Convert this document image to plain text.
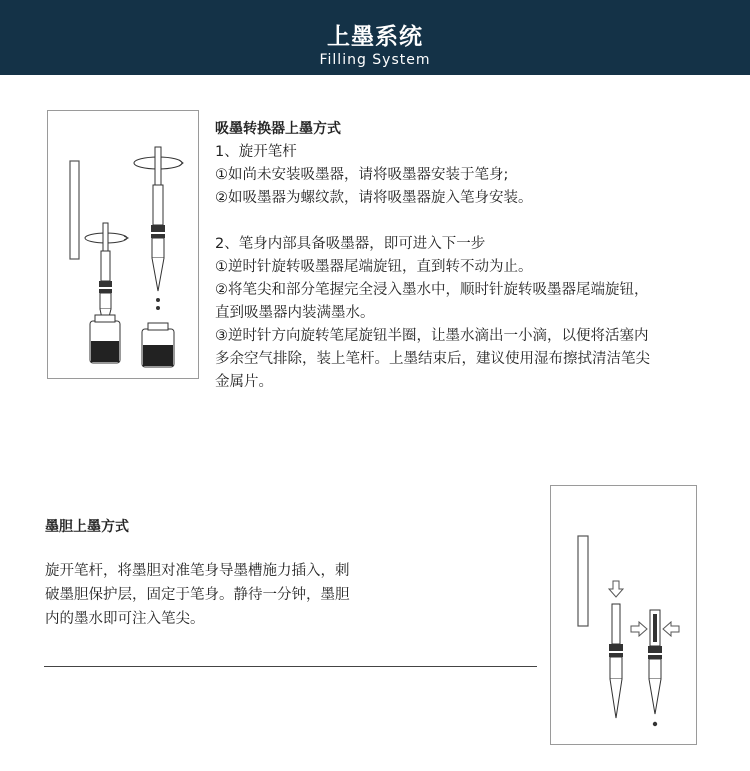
上墨系统
Filling System
吸墨转换器上墨方式
1、旋开笔杆
①如尚未安装吸墨器，请将吸墨器安装于笔身;
②如吸墨器为螺纹款，请将吸墨器旋入笔身安装。
2、笔身内部具备吸墨器，即可进入下一步
①逆时针旋转吸墨器尾端旋钮，直到转不动为止。
②将笔尖和部分笔握完全浸入墨水中，顺时针旋转吸墨器尾端旋钮，
直到吸墨器内装满墨水。
③逆时针方向旋转笔尾旋钮半圈，让墨水滴出一小滴，以便将活塞内
多余空气排除，装上笔杆。上墨结束后，建议使用湿布擦拭清洁笔尖
金属片。
墨胆上墨方式
旋开笔杆，将墨胆对准笔身导墨槽施力插入，刺
破墨胆保护层，固定于笔身。静待一分钟，墨胆
内的墨水即可注入笔尖。
